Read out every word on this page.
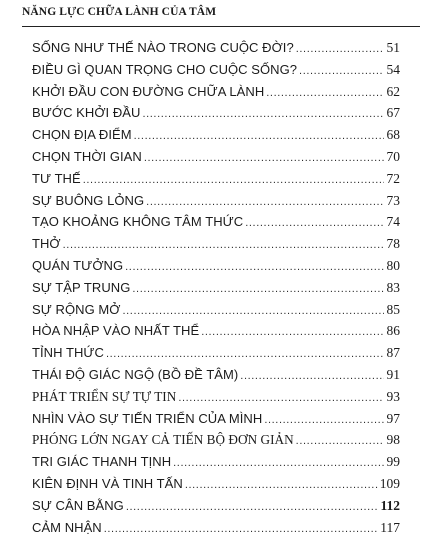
NĂNG LỰC CHỮA LÀNH CỦA TÂM
SỐNG NHƯ THẾ NÀO TRONG CUỘC ĐỜI? .....	51
ĐIỀU GÌ QUAN TRỌNG CHO CUỘC SỐNG? .....	54
KHỞI ĐẦU CON ĐƯỜNG CHỮA LÀNH .....	62
BƯỚC KHỞI ĐẦU .....	67
CHỌN ĐỊA ĐIỂM .....	68
CHỌN THỜI GIAN .....	70
TƯ THẾ .....	72
SỰ BUÔNG LỎNG .....	73
TẠO KHOẢNG KHÔNG TÂM THỨC .....	74
THỞ .....	78
QUÁN TƯỞNG .....	80
SỰ TẬP TRUNG .....	83
SỰ RỘNG MỞ .....	85
HÒA NHẬP VÀO NHẤT THỂ .....	86
TỈNH THỨC .....	87
THÁI ĐỘ GIÁC NGỘ (BỒ ĐỀ TÂM) .....	91
PHÁT TRIỂN SỰ TỰ TIN .....	93
NHÌN VÀO SỰ TIẾN TRIỂN CỦA MÌNH .....	97
PHÓNG LỚN NGAY CẢ TIẾN BỘ ĐƠN GIẢN .....	98
TRI GIÁC THANH TỊNH .....	99
KIÊN ĐỊNH VÀ TINH TẤN .....	109
SỰ CÂN BẰNG .....	112
CẢM NHẬN .....	117
